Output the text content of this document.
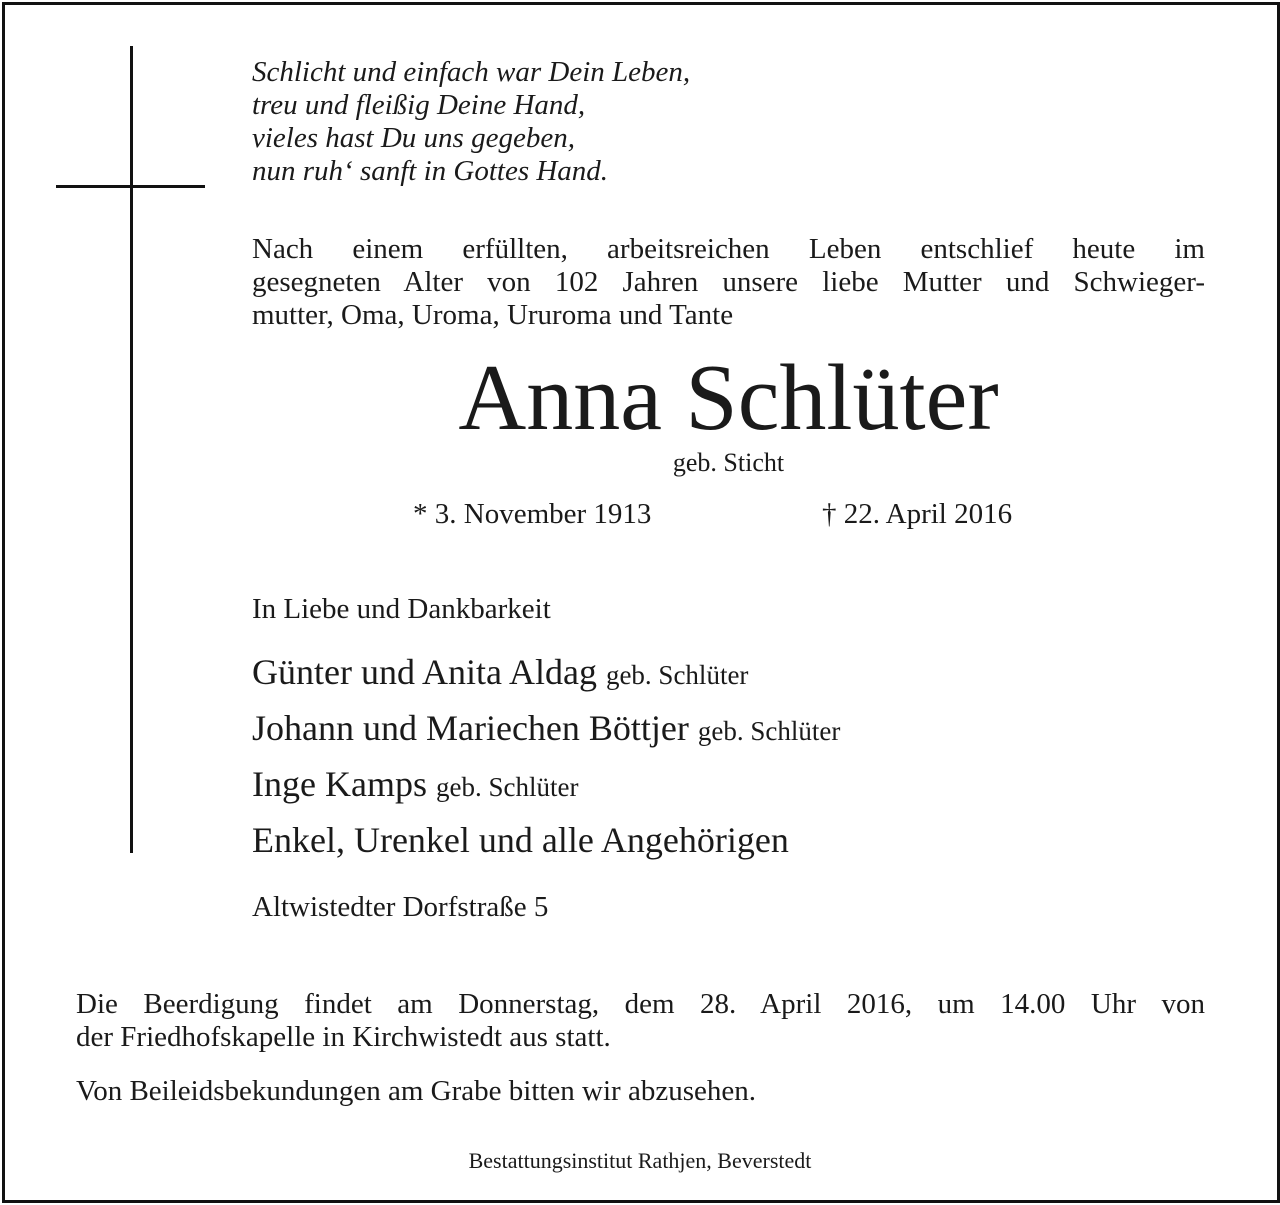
Schlicht und einfach war Dein Leben,
treu und fleißig Deine Hand,
vieles hast Du uns gegeben,
nun ruh‘ sanft in Gottes Hand.
Nach einem erfüllten, arbeitsreichen Leben entschlief heute im
gesegneten Alter von 102 Jahren unsere liebe Mutter und Schwieger-
mutter, Oma, Uroma, Ururoma und Tante
Anna Schlüter
geb. Sticht
* 3. November 1913	† 22. April 2016
In Liebe und Dankbarkeit
Günter und Anita Aldag geb. Schlüter
Johann und Mariechen Böttjer geb. Schlüter
Inge Kamps geb. Schlüter
Enkel, Urenkel und alle Angehörigen
Altwistedter Dorfstraße 5
Die Beerdigung findet am Donnerstag, dem 28. April 2016, um 14.00 Uhr von
der Friedhofskapelle in Kirchwistedt aus statt.
Von Beileidsbekundungen am Grabe bitten wir abzusehen.
Bestattungsinstitut Rathjen, Beverstedt
